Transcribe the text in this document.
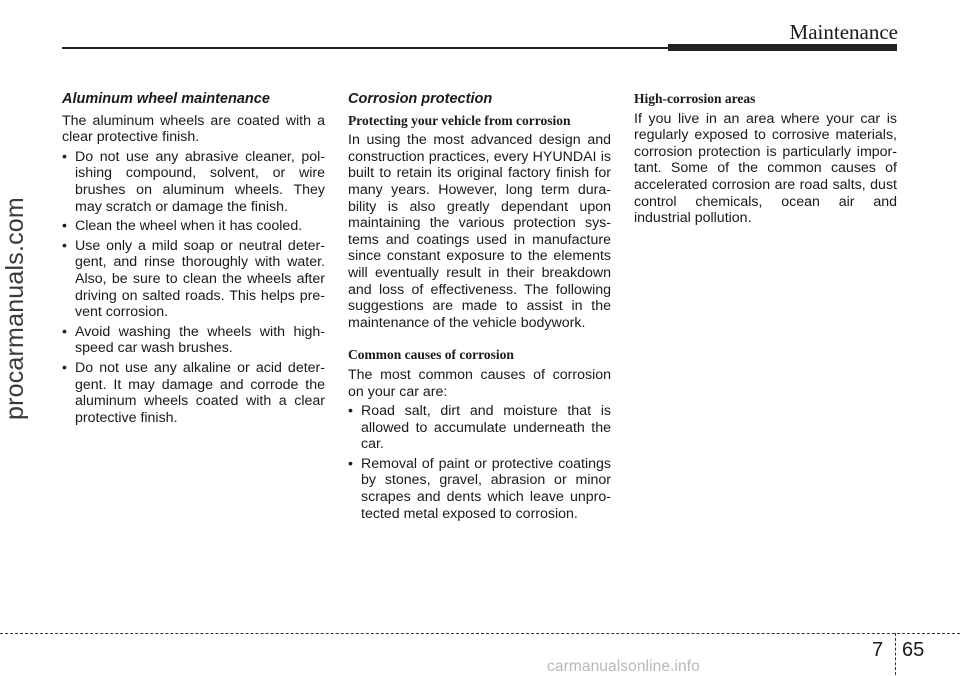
Maintenance
procarmanuals.com
Aluminum wheel maintenance

The aluminum wheels are coated with a clear protective finish.

• Do not use any abrasive cleaner, pol-ishing compound, solvent, or wire brushes on aluminum wheels. They may scratch or damage the finish.
• Clean the wheel when it has cooled.
• Use only a mild soap or neutral deter-gent, and rinse thoroughly with water. Also, be sure to clean the wheels after driving on salted roads. This helps pre-vent corrosion.
• Avoid washing the wheels with high-speed car wash brushes.
• Do not use any alkaline or acid deter-gent. It may damage and corrode the aluminum wheels coated with a clear protective finish.
Corrosion protection
Protecting your vehicle from corrosion

In using the most advanced design and construction practices, every HYUNDAI is built to retain its original factory finish for many years. However, long term dura-bility is also greatly dependant upon maintaining the various protection sys-tems and coatings used in manufacture since constant exposure to the elements will eventually result in their breakdown and loss of effectiveness. The following suggestions are made to assist in the maintenance of the vehicle bodywork.

Common causes of corrosion

The most common causes of corrosion on your car are:

• Road salt, dirt and moisture that is allowed to accumulate underneath the car.
• Removal of paint or protective coatings by stones, gravel, abrasion or minor scrapes and dents which leave unpro-tected metal exposed to corrosion.
High-corrosion areas

If you live in an area where your car is regularly exposed to corrosive materials, corrosion protection is particularly impor-tant. Some of the common causes of accelerated corrosion are road salts, dust control chemicals, ocean air and industrial pollution.

7 65
carmanualsonline.info
